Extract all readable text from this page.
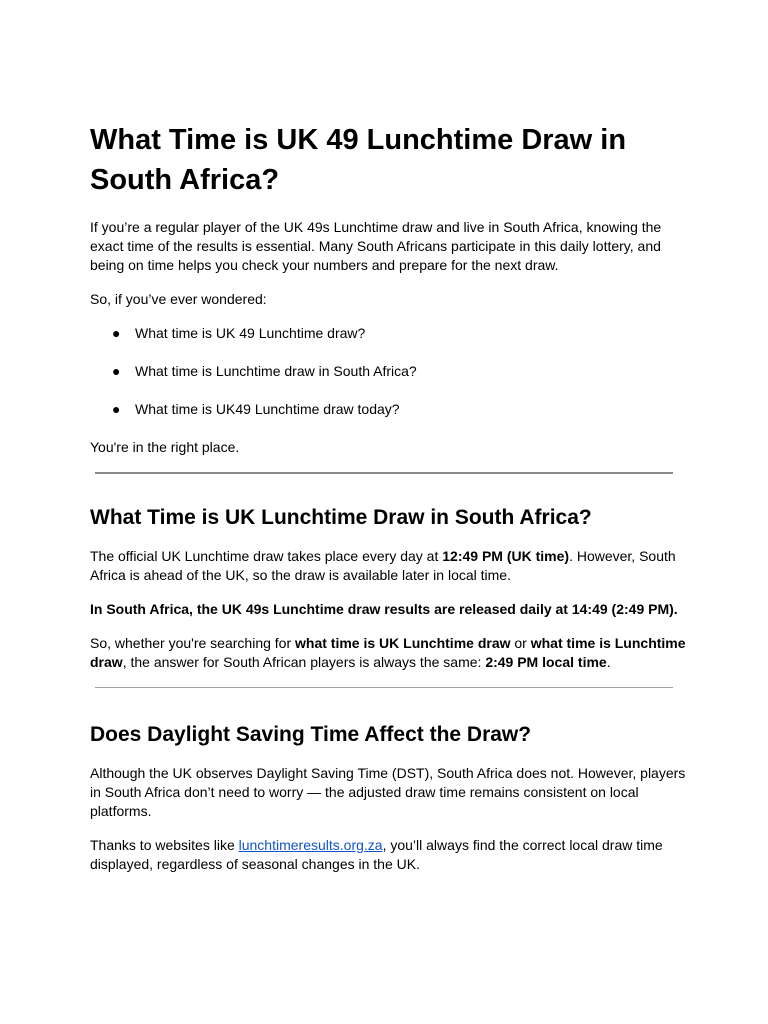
What Time is UK 49 Lunchtime Draw in South Africa?

If you’re a regular player of the UK 49s Lunchtime draw and live in South Africa, knowing the exact time of the results is essential. Many South Africans participate in this daily lottery, and being on time helps you check your numbers and prepare for the next draw.

So, if you’ve ever wondered:

● What time is UK 49 Lunchtime draw?
● What time is Lunchtime draw in South Africa?
● What time is UK49 Lunchtime draw today?

You're in the right place.

What Time is UK Lunchtime Draw in South Africa?

The official UK Lunchtime draw takes place every day at 12:49 PM (UK time). However, South Africa is ahead of the UK, so the draw is available later in local time.

In South Africa, the UK 49s Lunchtime draw results are released daily at 14:49 (2:49 PM).

So, whether you're searching for what time is UK Lunchtime draw or what time is Lunchtime draw, the answer for South African players is always the same: 2:49 PM local time.

Does Daylight Saving Time Affect the Draw?

Although the UK observes Daylight Saving Time (DST), South Africa does not. However, players in South Africa don’t need to worry — the adjusted draw time remains consistent on local platforms.

Thanks to websites like lunchtimeresults.org.za, you’ll always find the correct local draw time displayed, regardless of seasonal changes in the UK.
